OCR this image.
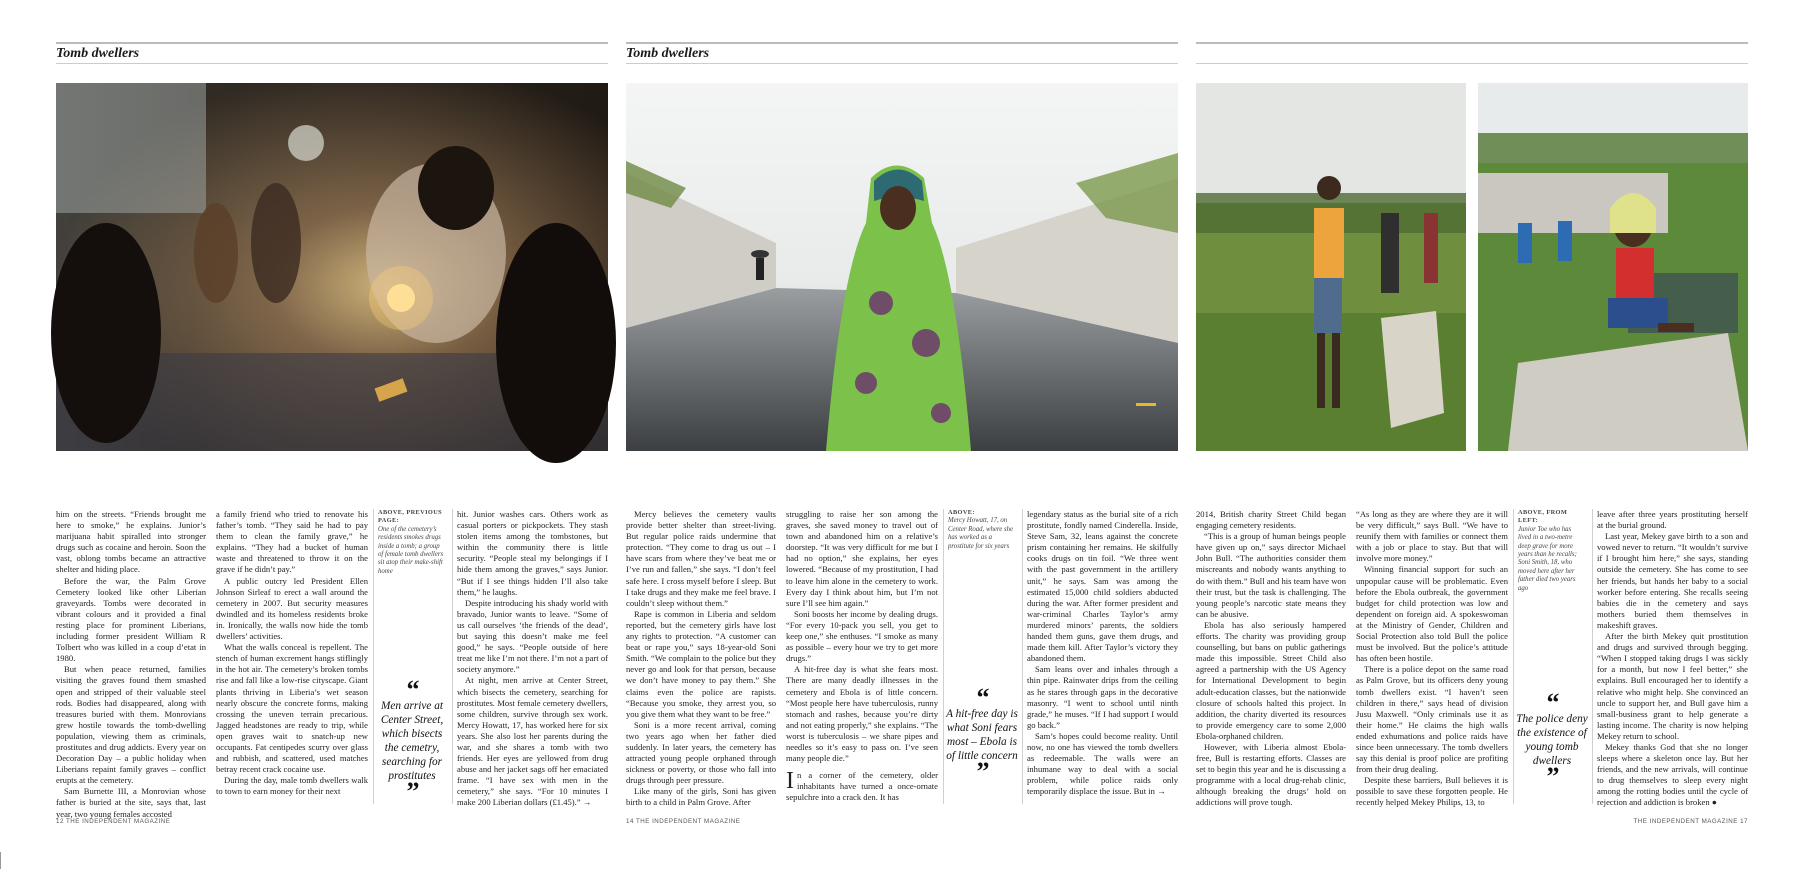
Tomb dwellers

him on the streets. “Friends brought me here to smoke,” he explains. Junior’s marijuana habit spiralled into stronger drugs such as cocaine and heroin. Soon the vast, oblong tombs became an attractive shelter and hiding place.

Before the war, the Palm Grove Cemetery looked like other Liberian graveyards. Tombs were decorated in vibrant colours and it provided a final resting place for prominent Liberians, including former president William R Tolbert who was killed in a coup d’etat in 1980.

But when peace returned, families visiting the graves found them smashed open and stripped of their valuable steel rods. Bodies had disappeared, along with treasures buried with them. Monrovians grew hostile towards the tomb-dwelling population, viewing them as criminals, prostitutes and drug addicts. Every year on Decoration Day – a public holiday when Liberians repaint family graves – conflict erupts at the cemetery.

Sam Burnette III, a Monrovian whose father is buried at the site, says that, last year, two young females accosted

a family friend who tried to renovate his father’s tomb. “They said he had to pay them to clean the family grave,” he explains. “They had a bucket of human waste and threatened to throw it on the grave if he didn’t pay.”

A public outcry led President Ellen Johnson Sirleaf to erect a wall around the cemetery in 2007. But security measures dwindled and its homeless residents broke in. Ironically, the walls now hide the tomb dwellers’ activities.

What the walls conceal is repellent. The stench of human excrement hangs stiflingly in the hot air. The cemetery’s broken tombs rise and fall like a low-rise cityscape. Giant plants thriving in Liberia’s wet season nearly obscure the concrete forms, making crossing the uneven terrain precarious. Jagged headstones are ready to trip, while open graves wait to snatch-up new occupants. Fat centipedes scurry over glass and rubbish, and scattered, used matches betray recent crack cocaine use.

During the day, male tomb dwellers walk to town to earn money for their next

ABOVE, PREVIOUS PAGE:
One of the cemetery’s residents smokes drugs inside a tomb; a group of female tomb dwellers sit atop their make-shift home
“
Men arrive at Center Street, which bisects the cemetry, searching for prostitutes
”

hit. Junior washes cars. Others work as casual porters or pickpockets. They stash stolen items among the tombstones, but within the community there is little security. “People steal my belongings if I hide them among the graves,” says Junior. “But if I see things hidden I’ll also take them,” he laughs.

Despite introducing his shady world with bravado, Junior wants to leave. “Some of us call ourselves ‘the friends of the dead’, but saying this doesn’t make me feel good,” he says. “People outside of here treat me like I’m not there. I’m not a part of society anymore.”

At night, men arrive at Center Street, which bisects the cemetery, searching for prostitutes. Most female cemetery dwellers, some children, survive through sex work. Mercy Howatt, 17, has worked here for six years. She also lost her parents during the war, and she shares a tomb with two friends. Her eyes are yellowed from drug abuse and her jacket sags off her emaciated frame. “I have sex with men in the cemetery,” she says. “For 10 minutes I make 200 Liberian dollars (£1.45).” →

12 THE INDEPENDENT MAGAZINE
Tomb dwellers

Mercy believes the cemetery vaults provide better shelter than street-living. But regular police raids undermine that protection. “They come to drag us out – I have scars from where they’ve beat me or I’ve run and fallen,” she says. “I don’t feel safe here. I cross myself before I sleep. But I take drugs and they make me feel brave. I couldn’t sleep without them.”

Rape is common in Liberia and seldom reported, but the cemetery girls have lost any rights to protection. “A customer can beat or rape you,” says 18-year-old Soni Smith. “We complain to the police but they never go and look for that person, because we don’t have money to pay them.” She claims even the police are rapists. “Because you smoke, they arrest you, so you give them what they want to be free.”

Soni is a more recent arrival, coming two years ago when her father died suddenly. In later years, the cemetery has attracted young people orphaned through sickness or poverty, or those who fall into drugs through peer pressure.

Like many of the girls, Soni has given birth to a child in Palm Grove. After

struggling to raise her son among the graves, she saved money to travel out of town and abandoned him on a relative’s doorstep. “It was very difficult for me but I had no option,” she explains, her eyes lowered. “Because of my prostitution, I had to leave him alone in the cemetery to work. Every day I think about him, but I’m not sure I’ll see him again.”

Soni boosts her income by dealing drugs. “For every 10-pack you sell, you get to keep one,” she enthuses. “I smoke as many as possible – every hour we try to get more drugs.”

A hit-free day is what she fears most. There are many deadly illnesses in the cemetery and Ebola is of little concern. “Most people here have tuberculosis, runny stomach and rashes, because you’re dirty and not eating properly,” she explains. “The worst is tuberculosis – we share pipes and needles so it’s easy to pass on. I’ve seen many people die.”

In a corner of the cemetery, older inhabitants have turned a once-ornate sepulchre into a crack den. It has

ABOVE:
Mercy Howatt, 17, on Center Road, where she has worked as a prostitute for six years
“
A hit-free day is what Soni fears most – Ebola is of little concern
”

legendary status as the burial site of a rich prostitute, fondly named Cinderella. Inside, Steve Sam, 32, leans against the concrete prism containing her remains. He skilfully cooks drugs on tin foil. “We three went with the past government in the artillery unit,” he says. Sam was among the estimated 15,000 child soldiers abducted during the war. After former president and war-criminal Charles Taylor’s army murdered minors’ parents, the soldiers handed them guns, gave them drugs, and made them kill. After Taylor’s victory they abandoned them.

Sam leans over and inhales through a thin pipe. Rainwater drips from the ceiling as he stares through gaps in the decorative masonry. “I went to school until ninth grade,” he muses. “If I had support I would go back.”

Sam’s hopes could become reality. Until now, no one has viewed the tomb dwellers as redeemable. The walls were an inhumane way to deal with a social problem, while police raids only temporarily displace the issue. But in →

14 THE INDEPENDENT MAGAZINE

2014, British charity Street Child began engaging cemetery residents.

“This is a group of human beings people have given up on,” says director Michael John Bull. “The authorities consider them miscreants and nobody wants anything to do with them.” Bull and his team have won their trust, but the task is challenging. The young people’s narcotic state means they can be abusive.

Ebola has also seriously hampered efforts. The charity was providing group counselling, but bans on public gatherings made this impossible. Street Child also agreed a partnership with the US Agency for International Development to begin adult-education classes, but the nationwide closure of schools halted this project. In addition, the charity diverted its resources to provide emergency care to some 2,000 Ebola-orphaned children.

However, with Liberia almost Ebola-free, Bull is restarting efforts. Classes are set to begin this year and he is discussing a programme with a local drug-rehab clinic, although breaking the drugs’ hold on addictions will prove tough.

“As long as they are where they are it will be very difficult,” says Bull. “We have to reunify them with families or connect them with a job or place to stay. But that will involve more money.”

Winning financial support for such an unpopular cause will be problematic. Even before the Ebola outbreak, the government budget for child protection was low and dependent on foreign aid. A spokeswoman at the Ministry of Gender, Children and Social Protection also told Bull the police must be involved. But the police’s attitude has often been hostile.

There is a police depot on the same road as Palm Grove, but its officers deny young tomb dwellers exist. “I haven’t seen children in there,” says head of division Jusu Maxwell. “Only criminals use it as their home.” He claims the high walls ended exhumations and police raids have since been unnecessary. The tomb dwellers say this denial is proof police are profiting from their drug dealing.

Despite these barriers, Bull believes it is possible to save these forgotten people. He recently helped Mekey Philips, 13, to

ABOVE, FROM LEFT:
Junior Toe who has lived in a two-metre deep grave for more years than he recalls; Soni Smith, 18, who moved here after her father died two years ago
“
The police deny the existence of young tomb dwellers
”

leave after three years prostituting herself at the burial ground.

Last year, Mekey gave birth to a son and vowed never to return. “It wouldn’t survive if I brought him here,” she says, standing outside the cemetery. She has come to see her friends, but hands her baby to a social worker before entering. She recalls seeing babies die in the cemetery and says mothers buried them themselves in makeshift graves.

After the birth Mekey quit prostitution and drugs and survived through begging. “When I stopped taking drugs I was sickly for a month, but now I feel better,” she explains. Bull encouraged her to identify a relative who might help. She convinced an uncle to support her, and Bull gave him a small-business grant to help generate a lasting income. The charity is now helping Mekey return to school.

Mekey thanks God that she no longer sleeps where a skeleton once lay. But her friends, and the new arrivals, will continue to drug themselves to sleep every night among the rotting bodies until the cycle of rejection and addiction is broken ●

THE INDEPENDENT MAGAZINE 17
